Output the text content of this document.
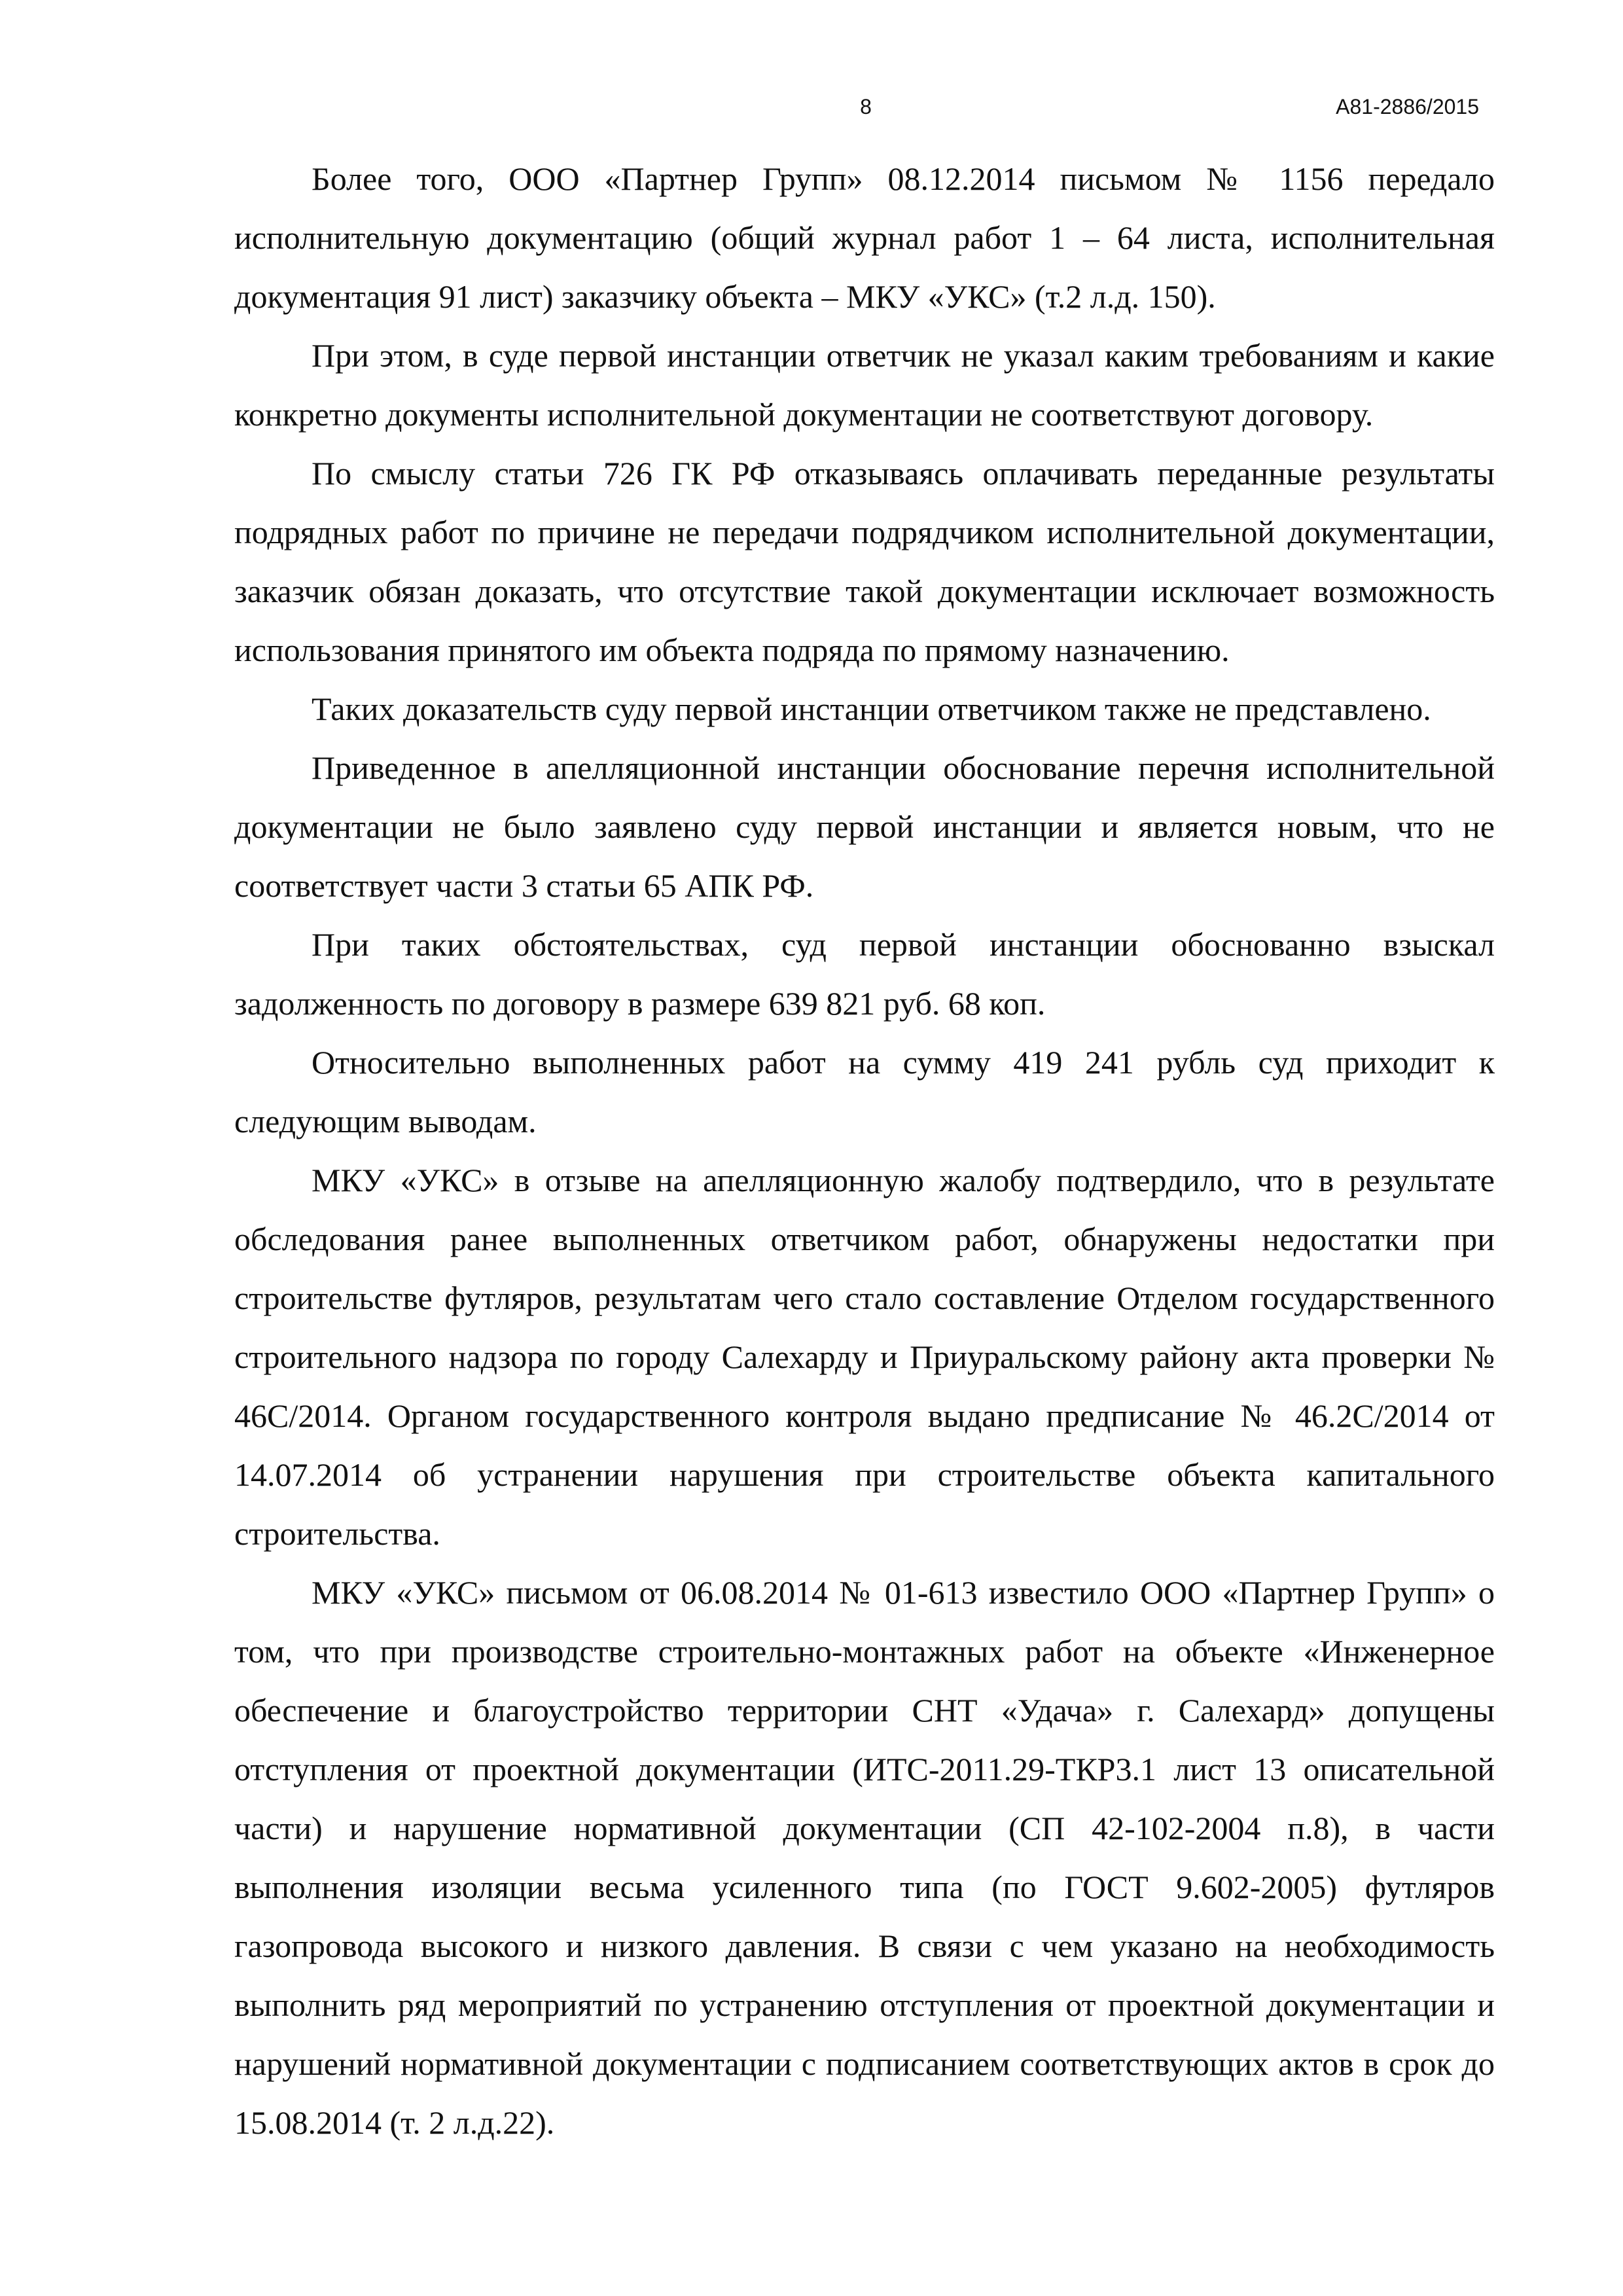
8	А81-2886/2015

Более того, ООО «Партнер Групп» 08.12.2014 письмом № 1156 передало исполнительную документацию (общий журнал работ 1 – 64 листа, исполнительная документация 91 лист) заказчику объекта – МКУ «УКС» (т.2 л.д. 150).

При этом, в суде первой инстанции ответчик не указал каким требованиям и какие конкретно документы исполнительной документации не соответствуют договору.

По смыслу статьи 726 ГК РФ отказываясь оплачивать переданные результаты подрядных работ по причине не передачи подрядчиком исполнительной документации, заказчик обязан доказать, что отсутствие такой документации исключает возможность использования принятого им объекта подряда по прямому назначению.

Таких доказательств суду первой инстанции ответчиком также не представлено.

Приведенное в апелляционной инстанции обоснование перечня исполнительной документации не было заявлено суду первой инстанции и является новым, что не соответствует части 3 статьи 65 АПК РФ.

При таких обстоятельствах, суд первой инстанции обоснованно взыскал задолженность по договору в размере 639 821 руб. 68 коп.

Относительно выполненных работ на сумму 419 241 рубль суд приходит к следующим выводам.

МКУ «УКС» в отзыве на апелляционную жалобу подтвердило, что в результате обследования ранее выполненных ответчиком работ, обнаружены недостатки при строительстве футляров, результатам чего стало составление Отделом государственного строительного надзора по городу Салехарду и Приуральскому району акта проверки № 46С/2014. Органом государственного контроля выдано предписание № 46.2С/2014 от 14.07.2014 об устранении нарушения при строительстве объекта капитального строительства.

МКУ «УКС» письмом от 06.08.2014 № 01-613 известило ООО «Партнер Групп» о том, что при производстве строительно-монтажных работ на объекте «Инженерное обеспечение и благоустройство территории СНТ «Удача» г. Салехард» допущены отступления от проектной документации (ИТС-2011.29-ТКР3.1 лист 13 описательной части) и нарушение нормативной документации (СП 42-102-2004 п.8), в части выполнения изоляции весьма усиленного типа (по ГОСТ 9.602-2005) футляров газопровода высокого и низкого давления. В связи с чем указано на необходимость выполнить ряд мероприятий по устранению отступления от проектной документации и нарушений нормативной документации с подписанием соответствующих актов в срок до 15.08.2014 (т. 2 л.д.22).
